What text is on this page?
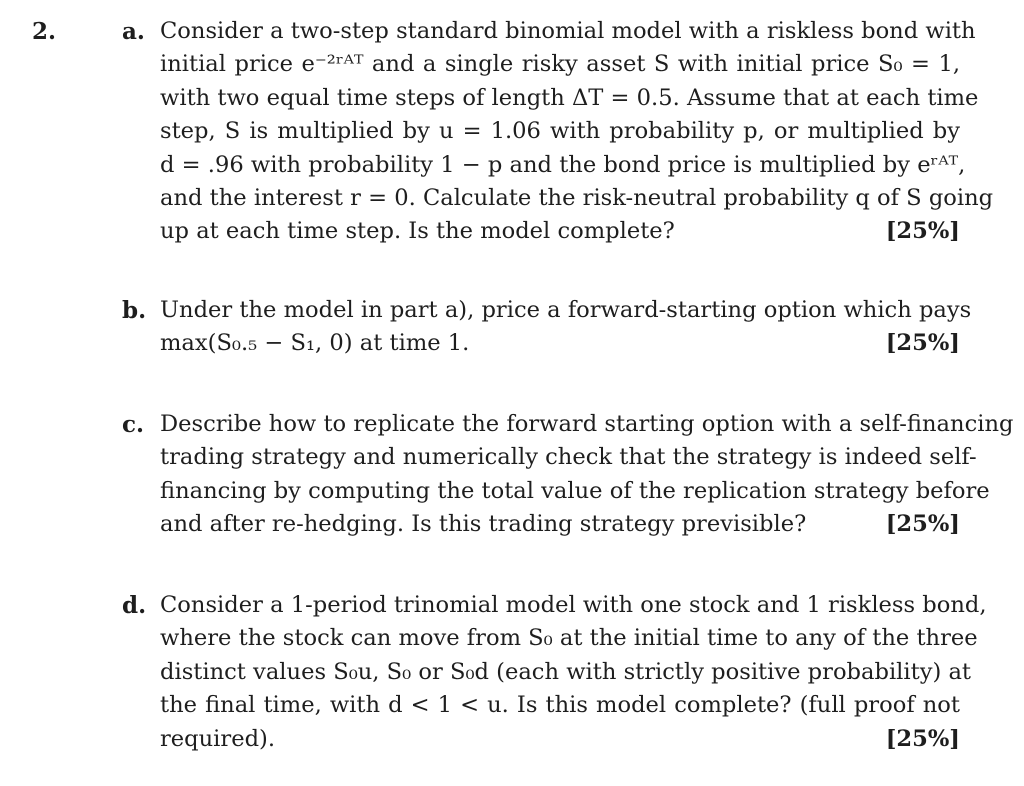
2.	a. Consider a two-step standard binomial model with a riskless bond with
initial price e⁻²ʳᴬᵀ and a single risky asset S with initial price S₀ = 1,
with two equal time steps of length ΔT = 0.5. Assume that at each time
step, S is multiplied by u = 1.06 with probability p, or multiplied by
d = .96 with probability 1 − p and the bond price is multiplied by eʳᴬᵀ,
and the interest r = 0. Calculate the risk-neutral probability q of S going
up at each time step. Is the model complete?	[25%]
b. Under the model in part a), price a forward-starting option which pays
max(S₀.₅ − S₁, 0) at time 1.	[25%]
c. Describe how to replicate the forward starting option with a self-financing
trading strategy and numerically check that the strategy is indeed self-
financing by computing the total value of the replication strategy before
and after re-hedging. Is this trading strategy previsible?	[25%]
d. Consider a 1-period trinomial model with one stock and 1 riskless bond,
where the stock can move from S₀ at the initial time to any of the three
distinct values S₀u, S₀ or S₀d (each with strictly positive probability) at
the final time, with d < 1 < u. Is this model complete? (full proof not
required).	[25%]
